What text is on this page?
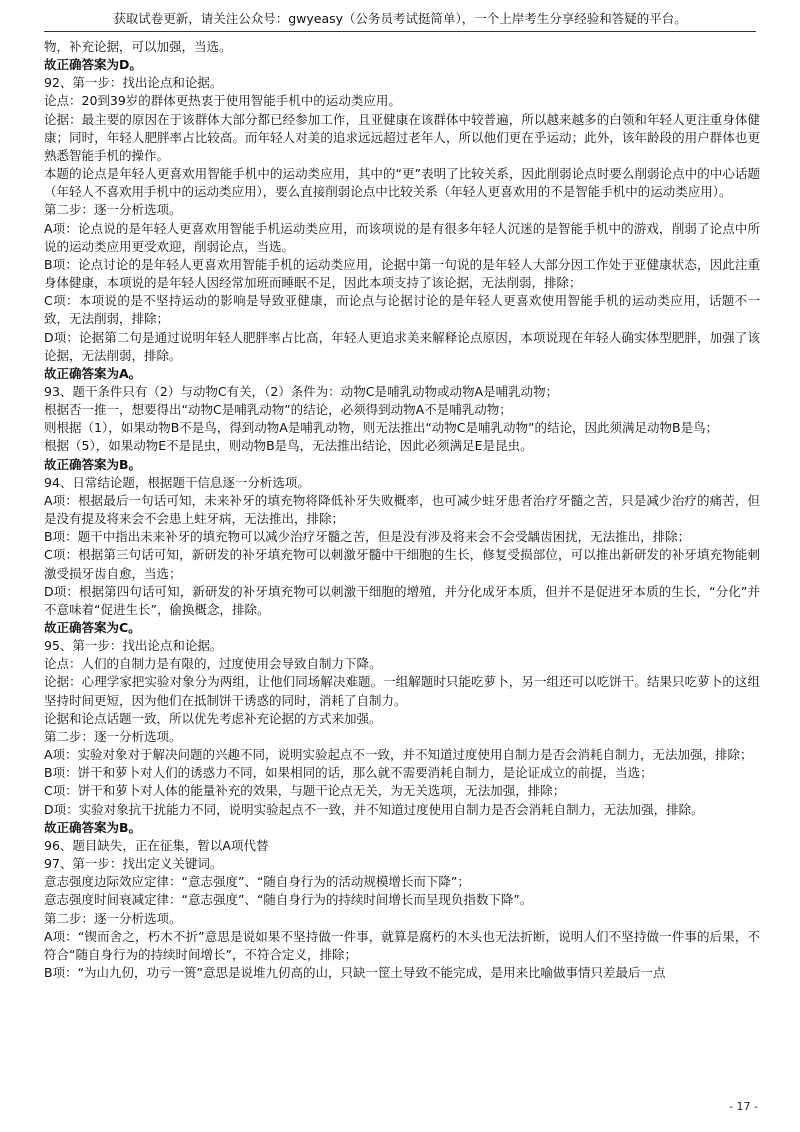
获取试卷更新，请关注公众号：gwyeasy（公务员考试挺简单），一个上岸考生分享经验和答疑的平台。

物，补充论据，可以加强，当选。

故正确答案为D。

92、第一步：找出论点和论据。

论点：20到39岁的群体更热衷于使用智能手机中的运动类应用。

论据：最主要的原因在于该群体大部分都已经参加工作，且亚健康在该群体中较普遍，所以越来越多的白领和年轻人更注重身体健康；同时，年轻人肥胖率占比较高。而年轻人对美的追求远远超过老年人，所以他们更在乎运动；此外，该年龄段的用户群体也更熟悉智能手机的操作。

本题的论点是年轻人更喜欢用智能手机中的运动类应用，其中的“更”表明了比较关系，因此削弱论点时要么削弱论点中的中心话题（年轻人不喜欢用手机中的运动类应用），要么直接削弱论点中比较关系（年轻人更喜欢用的不是智能手机中的运动类应用）。

第二步：逐一分析选项。

A项：论点说的是年轻人更喜欢用智能手机运动类应用，而该项说的是有很多年轻人沉迷的是智能手机中的游戏，削弱了论点中所说的运动类应用更受欢迎，削弱论点，当选。

B项：论点讨论的是年轻人更喜欢用智能手机的运动类应用，论据中第一句说的是年轻人大部分因工作处于亚健康状态，因此注重身体健康，本项说的是年轻人因经常加班而睡眠不足，因此本项支持了该论据，无法削弱，排除；

C项：本项说的是不坚持运动的影响是导致亚健康，而论点与论据讨论的是年轻人更喜欢使用智能手机的运动类应用，话题不一致，无法削弱，排除；

D项：论据第二句是通过说明年轻人肥胖率占比高，年轻人更追求美来解释论点原因，本项说现在年轻人确实体型肥胖，加强了该论据，无法削弱，排除。

故正确答案为A。

93、题干条件只有（2）与动物C有关，（2）条件为：动物C是哺乳动物或动物A是哺乳动物；

根据否一推一，想要得出“动物C是哺乳动物”的结论，必须得到动物A不是哺乳动物；

则根据（1），如果动物B不是鸟，得到动物A是哺乳动物，则无法推出“动物C是哺乳动物”的结论，因此须满足动物B是鸟；

根据（5），如果动物E不是昆虫，则动物B是鸟，无法推出结论，因此必须满足E是昆虫。

故正确答案为B。

94、日常结论题，根据题干信息逐一分析选项。

A项：根据最后一句话可知，未来补牙的填充物将降低补牙失败概率，也可减少蛀牙患者治疗牙髓之苦，只是减少治疗的痛苦，但是没有提及将来会不会患上蛀牙病，无法推出，排除；

B项：题干中指出未来补牙的填充物可以减少治疗牙髓之苦，但是没有涉及将来会不会受龋齿困扰，无法推出，排除；

C项：根据第三句话可知，新研发的补牙填充物可以刺激牙髓中干细胞的生长，修复受损部位，可以推出新研发的补牙填充物能刺激受损牙齿自愈，当选；

D项：根据第四句话可知，新研发的补牙填充物可以刺激干细胞的增殖，并分化成牙本质，但并不是促进牙本质的生长，“分化”并不意味着“促进生长”，偷换概念，排除。

故正确答案为C。

95、第一步：找出论点和论据。

论点：人们的自制力是有限的，过度使用会导致自制力下降。

论据：心理学家把实验对象分为两组，让他们同场解决难题。一组解题时只能吃萝卜，另一组还可以吃饼干。结果只吃萝卜的这组坚持时间更短，因为他们在抵制饼干诱惑的同时，消耗了自制力。

论据和论点话题一致，所以优先考虑补充论据的方式来加强。

第二步：逐一分析选项。

A项：实验对象对于解决问题的兴趣不同，说明实验起点不一致，并不知道过度使用自制力是否会消耗自制力，无法加强，排除；

B项：饼干和萝卜对人们的诱惑力不同，如果相同的话，那么就不需要消耗自制力，是论证成立的前提，当选；

C项：饼干和萝卜对人体的能量补充的效果，与题干论点无关，为无关选项，无法加强，排除；

D项：实验对象抗干扰能力不同，说明实验起点不一致，并不知道过度使用自制力是否会消耗自制力，无法加强，排除。

故正确答案为B。

96、题目缺失，正在征集，暂以A项代替

97、第一步：找出定义关键词。

意志强度边际效应定律：“意志强度”、“随自身行为的活动规模增长而下降”；

意志强度时间衰减定律：“意志强度”、“随自身行为的持续时间增长而呈现负指数下降”。

第二步：逐一分析选项。

A项：“锲而舍之，朽木不折”意思是说如果不坚持做一件事，就算是腐朽的木头也无法折断，说明人们不坚持做一件事的后果，不符合“随自身行为的持续时间增长”，不符合定义，排除；

B项：“为山九仞，功亏一篑”意思是说堆九仞高的山，只缺一筐土导致不能完成，是用来比喻做事情只差最后一点

- 17 -
